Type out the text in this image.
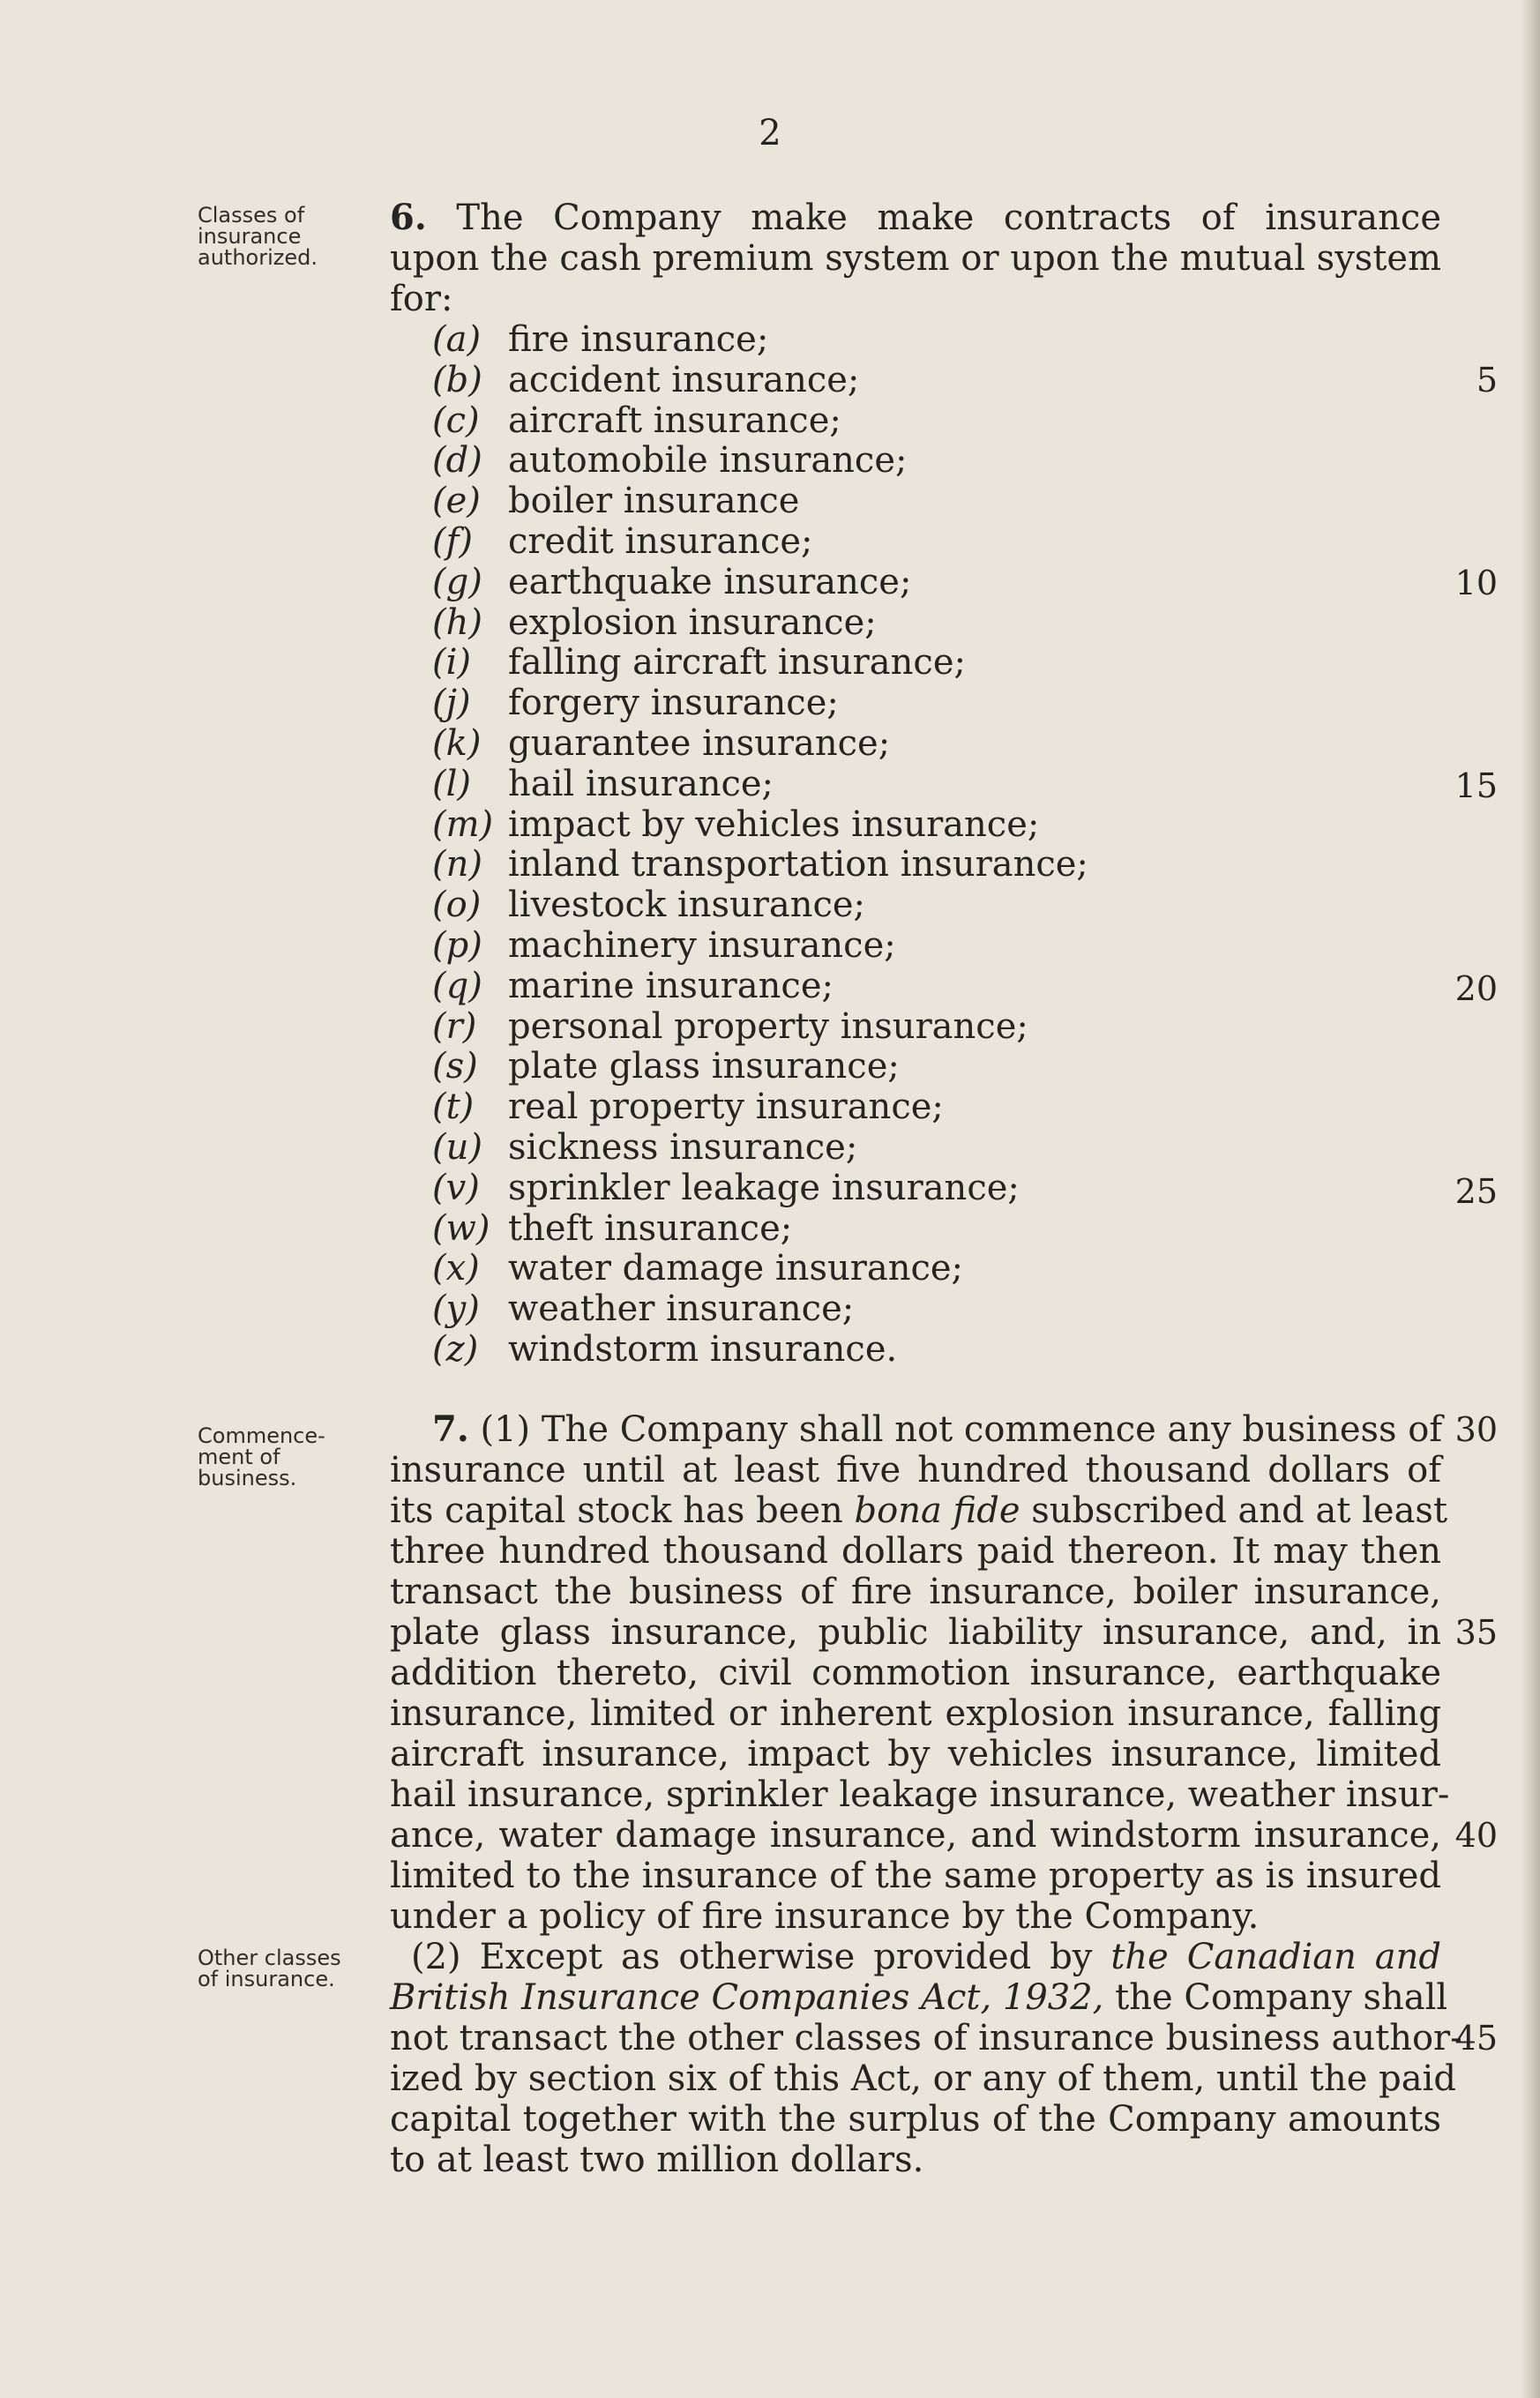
2
Classes of
insurance
authorized.
6. The Company make make contracts of insurance
upon the cash premium system or upon the mutual system
for:
(a) fire insurance;
(b) accident insurance;
(c) aircraft insurance;
(d) automobile insurance;
(e) boiler insurance
(f) credit insurance;
(g) earthquake insurance;
(h) explosion insurance;
(i) falling aircraft insurance;
(j) forgery insurance;
(k) guarantee insurance;
(l) hail insurance;
(m) impact by vehicles insurance;
(n) inland transportation insurance;
(o) livestock insurance;
(p) machinery insurance;
(q) marine insurance;
(r) personal property insurance;
(s) plate glass insurance;
(t) real property insurance;
(u) sickness insurance;
(v) sprinkler leakage insurance;
(w) theft insurance;
(x) water damage insurance;
(y) weather insurance;
(z) windstorm insurance.
Commence-
ment of
business.
7. (1) The Company shall not commence any business of
insurance until at least five hundred thousand dollars of
its capital stock has been bona fide subscribed and at least
three hundred thousand dollars paid thereon. It may then
transact the business of fire insurance, boiler insurance,
plate glass insurance, public liability insurance, and, in
addition thereto, civil commotion insurance, earthquake
insurance, limited or inherent explosion insurance, falling
aircraft insurance, impact by vehicles insurance, limited
hail insurance, sprinkler leakage insurance, weather insur-
ance, water damage insurance, and windstorm insurance,
limited to the insurance of the same property as is insured
under a policy of fire insurance by the Company.
Other classes
of insurance.
(2) Except as otherwise provided by the Canadian and
British Insurance Companies Act, 1932, the Company shall
not transact the other classes of insurance business author-
ized by section six of this Act, or any of them, until the paid
capital together with the surplus of the Company amounts
to at least two million dollars.
5
10
15
20
25
30
35
40
45
